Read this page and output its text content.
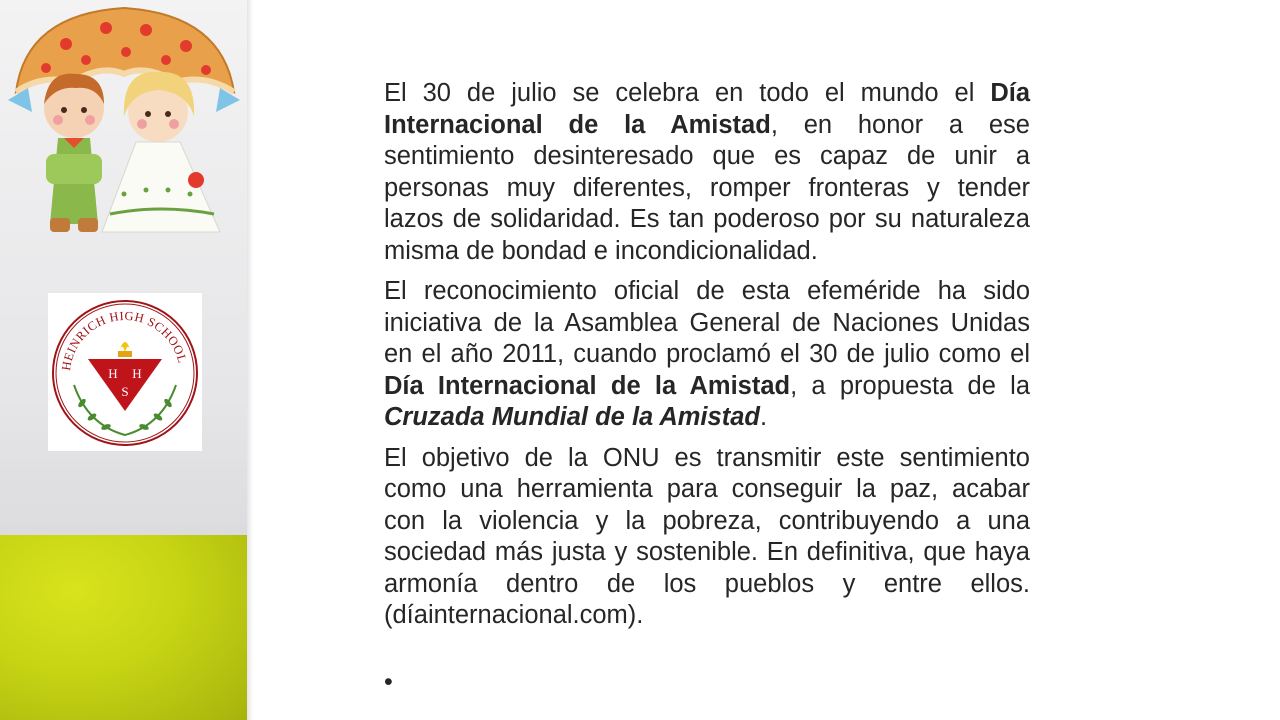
HEINRICH HIGH SCHOOL
H H
S

El 30 de julio se celebra en todo el mundo el Día Internacional de la Amistad, en honor a ese sentimiento desinteresado que es capaz de unir a personas muy diferentes, romper fronteras y tender lazos de solidaridad. Es tan poderoso por su naturaleza misma de bondad e incondicionalidad.

El reconocimiento oficial de esta efeméride ha sido iniciativa de la Asamblea General de Naciones Unidas en el año 2011, cuando proclamó el 30 de julio como el Día Internacional de la Amistad, a propuesta de la Cruzada Mundial de la Amistad.

El objetivo de la ONU es transmitir este sentimiento como una herramienta para conseguir la paz, acabar con la violencia y la pobreza, contribuyendo a una sociedad más justa y sostenible. En definitiva, que haya armonía dentro de los pueblos y entre ellos. (díainternacional.com).

•
